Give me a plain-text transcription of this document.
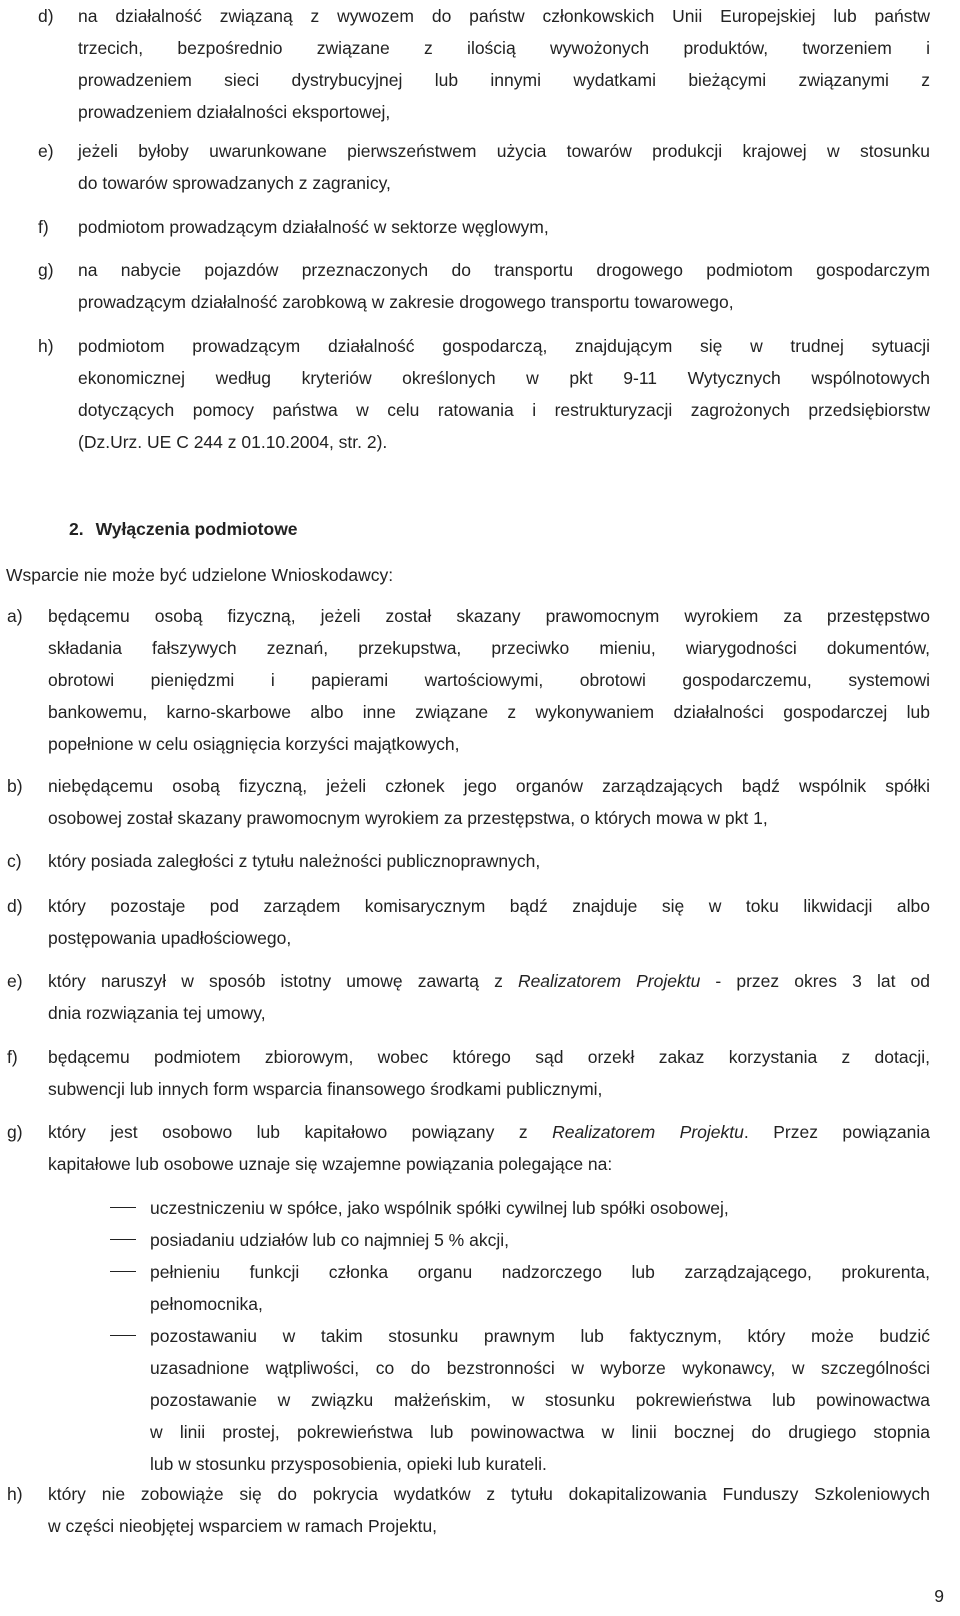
d) na działalność związaną z wywozem do państw członkowskich Unii Europejskiej lub państw
trzecich, bezpośrednio związane z ilością wywożonych produktów, tworzeniem i
prowadzeniem sieci dystrybucyjnej lub innymi wydatkami bieżącymi związanymi z
prowadzeniem działalności eksportowej,
e) jeżeli byłoby uwarunkowane pierwszeństwem użycia towarów produkcji krajowej w stosunku
do towarów sprowadzanych z zagranicy,
f) podmiotom prowadzącym działalność w sektorze węglowym,
g) na nabycie pojazdów przeznaczonych do transportu drogowego podmiotom gospodarczym
prowadzącym działalność zarobkową w zakresie drogowego transportu towarowego,
h) podmiotom prowadzącym działalność gospodarczą, znajdującym się w trudnej sytuacji
ekonomicznej według kryteriów określonych w pkt 9-11 Wytycznych wspólnotowych
dotyczących pomocy państwa w celu ratowania i restrukturyzacji zagrożonych przedsiębiorstw
(Dz.Urz. UE C 244 z 01.10.2004, str. 2).
2. Wyłączenia podmiotowe
Wsparcie nie może być udzielone Wnioskodawcy:
a) będącemu osobą fizyczną, jeżeli został skazany prawomocnym wyrokiem za przestępstwo
składania fałszywych zeznań, przekupstwa, przeciwko mieniu, wiarygodności dokumentów,
obrotowi pieniędzmi i papierami wartościowymi, obrotowi gospodarczemu, systemowi
bankowemu, karno-skarbowe albo inne związane z wykonywaniem działalności gospodarczej lub
popełnione w celu osiągnięcia korzyści majątkowych,
b) niebędącemu osobą fizyczną, jeżeli członek jego organów zarządzających bądź wspólnik spółki
osobowej został skazany prawomocnym wyrokiem za przestępstwa, o których mowa w pkt 1,
c) który posiada zaległości z tytułu należności publicznoprawnych,
d) który pozostaje pod zarządem komisarycznym bądź znajduje się w toku likwidacji albo
postępowania upadłościowego,
e) który naruszył w sposób istotny umowę zawartą z Realizatorem Projektu - przez okres 3 lat od
dnia rozwiązania tej umowy,
f) będącemu podmiotem zbiorowym, wobec którego sąd orzekł zakaz korzystania z dotacji,
subwencji lub innych form wsparcia finansowego środkami publicznymi,
g) który jest osobowo lub kapitałowo powiązany z Realizatorem Projektu. Przez powiązania
kapitałowe lub osobowe uznaje się wzajemne powiązania polegające na:
uczestniczeniu w spółce, jako wspólnik spółki cywilnej lub spółki osobowej,
posiadaniu udziałów lub co najmniej 5 % akcji,
pełnieniu funkcji członka organu nadzorczego lub zarządzającego, prokurenta,
pełnomocnika,
pozostawaniu w takim stosunku prawnym lub faktycznym, który może budzić
uzasadnione wątpliwości, co do bezstronności w wyborze wykonawcy, w szczególności
pozostawanie w związku małżeńskim, w stosunku pokrewieństwa lub powinowactwa
w linii prostej, pokrewieństwa lub powinowactwa w linii bocznej do drugiego stopnia
lub w stosunku przysposobienia, opieki lub kurateli.
h) który nie zobowiąże się do pokrycia wydatków z tytułu dokapitalizowania Funduszy Szkoleniowych
w części nieobjętej wsparciem w ramach Projektu,
9
